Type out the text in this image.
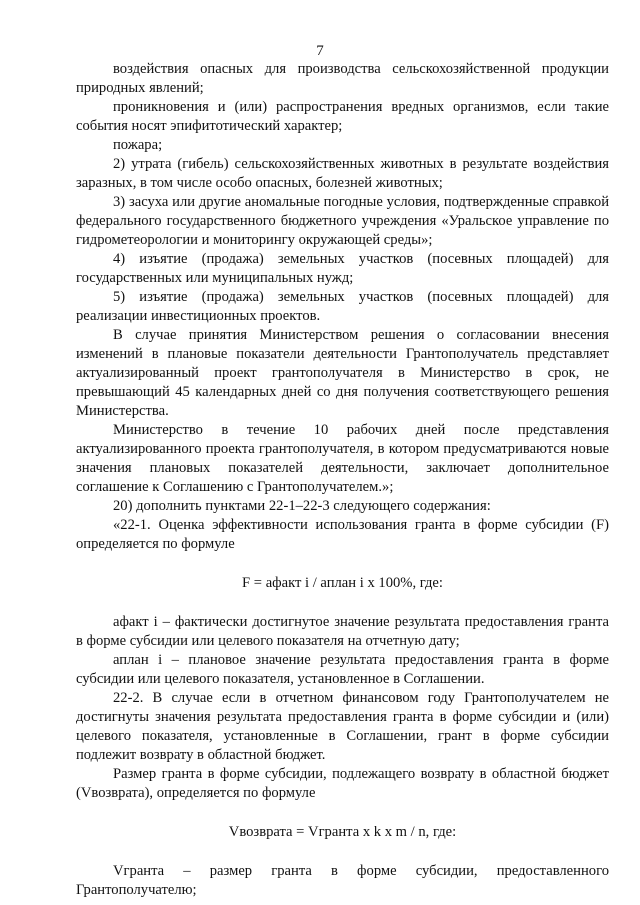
7

воздействия опасных для производства сельскохозяйственной продукции природных явлений;

проникновения и (или) распространения вредных организмов, если такие события носят эпифитотический характер;

пожара;

2) утрата (гибель) сельскохозяйственных животных в результате воздействия заразных, в том числе особо опасных, болезней животных;

3) засуха или другие аномальные погодные условия, подтвержденные справкой федерального государственного бюджетного учреждения «Уральское управление по гидрометеорологии и мониторингу окружающей среды»;

4) изъятие (продажа) земельных участков (посевных площадей) для государственных или муниципальных нужд;

5) изъятие (продажа) земельных участков (посевных площадей) для реализации инвестиционных проектов.

В случае принятия Министерством решения о согласовании внесения изменений в плановые показатели деятельности Грантополучатель представляет актуализированный проект грантополучателя в Министерство в срок, не превышающий 45 календарных дней со дня получения соответствующего решения Министерства.

Министерство в течение 10 рабочих дней после представления актуализированного проекта грантополучателя, в котором предусматриваются новые значения плановых показателей деятельности, заключает дополнительное соглашение к Соглашению с Грантополучателем.»;

20) дополнить пунктами 22-1–22-3 следующего содержания:

«22-1. Оценка эффективности использования гранта в форме субсидии (F) определяется по формуле

F = афакт i / аплан i x 100%, где:

афакт i – фактически достигнутое значение результата предоставления гранта в форме субсидии или целевого показателя на отчетную дату;

аплан i – плановое значение результата предоставления гранта в форме субсидии или целевого показателя, установленное в Соглашении.

22-2. В случае если в отчетном финансовом году Грантополучателем не достигнуты значения результата предоставления гранта в форме субсидии и (или) целевого показателя, установленные в Соглашении, грант в форме субсидии подлежит возврату в областной бюджет.

Размер гранта в форме субсидии, подлежащего возврату в областной бюджет (Vвозврата), определяется по формуле

Vвозврата = Vгранта x k x m / n, где:

Vгранта – размер гранта в форме субсидии, предоставленного Грантополучателю;
